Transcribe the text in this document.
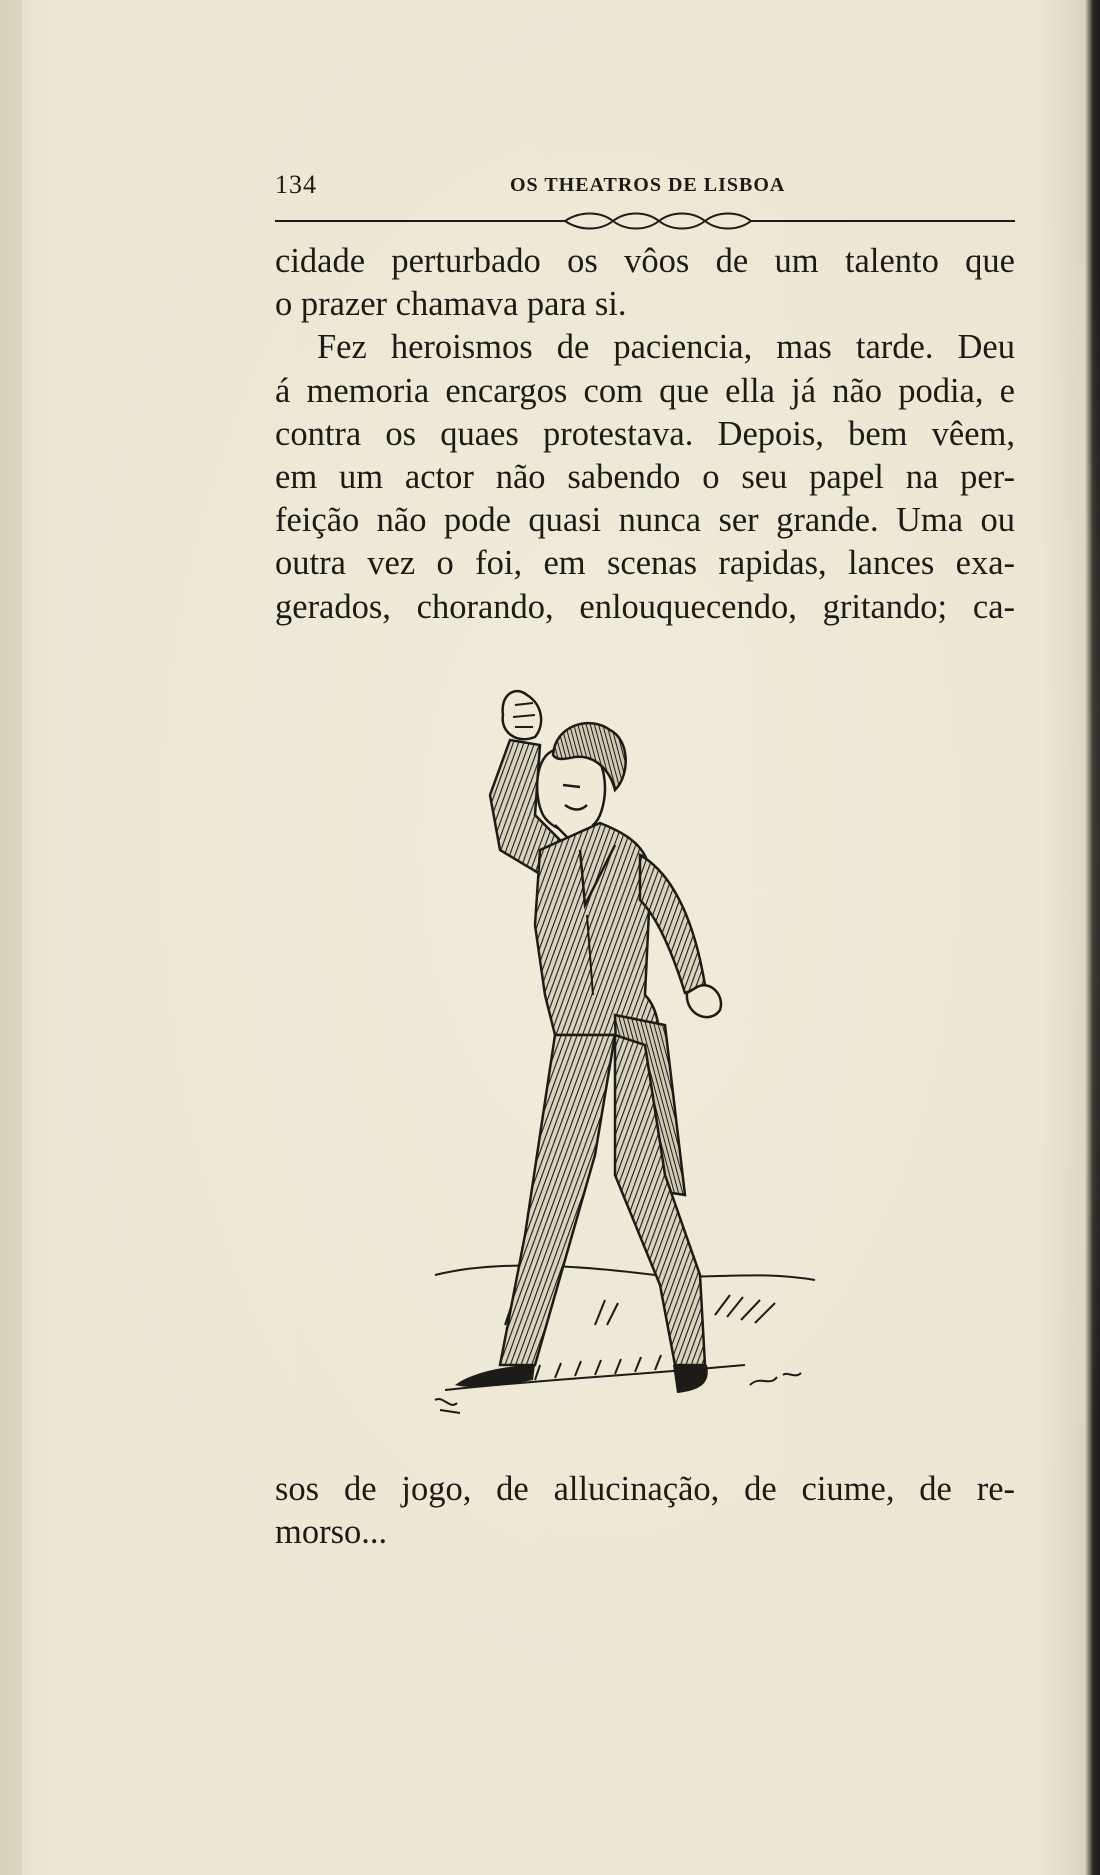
134	OS THEATROS DE LISBOA

cidade perturbado os vôos de um talento que
o prazer chamava para si.
Fez heroismos de paciencia, mas tarde. Deu
á memoria encargos com que ella já não podia, e
contra os quaes protestava. Depois, bem vêem,
em um actor não sabendo o seu papel na per-
feição não pode quasi nunca ser grande. Uma ou
outra vez o foi, em scenas rapidas, lances exa-
gerados, chorando, enlouquecendo, gritando; ca-

sos de jogo, de allucinação, de ciume, de re-
morso...
